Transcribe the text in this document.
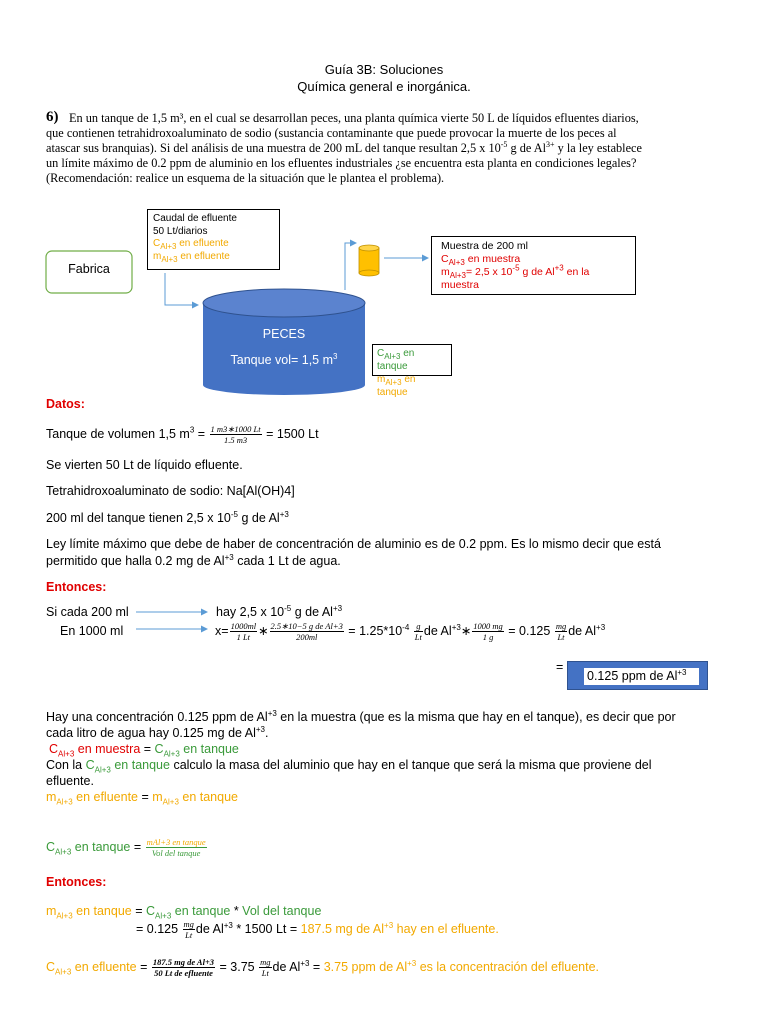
Guía 3B: Soluciones
Química general e inorgánica.
6) En un tanque de 1,5 m³, en el cual se desarrollan peces, una planta química vierte 50 L de líquidos efluentes diarios,
que contienen tetrahidroxoaluminato de sodio (sustancia contaminante que puede provocar la muerte de los peces al
atascar sus branquias). Si del análisis de una muestra de 200 mL del tanque resultan 2,5 x $10^{-5}$ g de $Al^{3+}$ y la ley establece
un límite máximo de 0.2 ppm de aluminio en los efluentes industriales ¿se encuentra esta planta en condiciones legales?
(Recomendación: realice un esquema de la situación que le plantea el problema).
Fabrica
Caudal de efluente
50 Lt/diarios
$C_{Al+3}$ en efluente
$m_{Al+3}$ en efluente
PECES
Tanque vol= 1,5 $m^3$	$C_{Al+3}$ en tanque
$m_{Al+3}$ en tanque
Muestra de 200 ml
$C_{Al+3}$ en muestra
$m_{Al+3}= 2,5$ x $10^{-5}$ g de $Al^{+3}$ en la muestra
Datos:
Tanque de volumen 1,5 $m^3 = \frac{1 m3∗1000 Lt}{1.5 m3} = 1500$ Lt
Se vierten 50 Lt de líquido efluente.
Tetrahidroxoaluminato de sodio: Na[Al(OH)4]
200 ml del tanque tienen 2,5 x $10^{-5}$ g de $Al^{+3}$
Ley límite máximo que debe de haber de concentración de aluminio es de 0.2 ppm. Es lo mismo decir que está
permitido que halla 0.2 mg de $Al^{+3}$ cada 1 Lt de agua.
Entonces:
Si cada 200 ml	hay 2,5 x $10^{-5}$ g de $Al^{+3}$
En 1000 ml	$x= \frac{1000ml}{1 Lt}$ ∗ $\frac{\text{2.5∗10−5 g de Al+3}}{200ml} = 1.25*10^{-4} \frac{g}{Lt}$ de $Al^{+3}∗ \frac{1000 mg}{1 g} = 0.125 \frac{mg}{Lt}$ de $Al^{+3}$
=
0.125 ppm de $Al^{+3}$
Hay una concentración 0.125 ppm de $Al^{+3}$ en la muestra (que es la misma que hay en el tanque), es decir que por
cada litro de agua hay 0.125 mg de $Al^{+3}$.
$C_{Al+3}$ en muestra = $C_{Al+3}$ en tanque
Con la $C_{Al+3}$ en tanque calculo la masa del aluminio que hay en el tanque que será la misma que proviene del
efluente.
$m_{Al+3}$ en efluente = $m_{Al+3}$ en tanque
$C_{Al+3}$ en tanque = $\frac{\text{mAl+3 en tanque}}{\text{Vol del tanque}}$
Entonces:
$m_{Al+3}$ en tanque = $C_{Al+3}$ en tanque * Vol del tanque
= $0.125 \frac{mg}{Lt}$ de $Al^{+3} * 1500$ Lt = 187.5 mg de $Al^{+3}$ hay en el efluente.
$C_{Al+3}$ en efluente = $\frac{\text{187.5 mg de Al+3}}{\text{50 Lt de efluente}} = 3.75 \frac{mg}{Lt}$ de $Al^{+3} = 3.75$ ppm de $Al^{+3}$ es la concentración del efluente.
